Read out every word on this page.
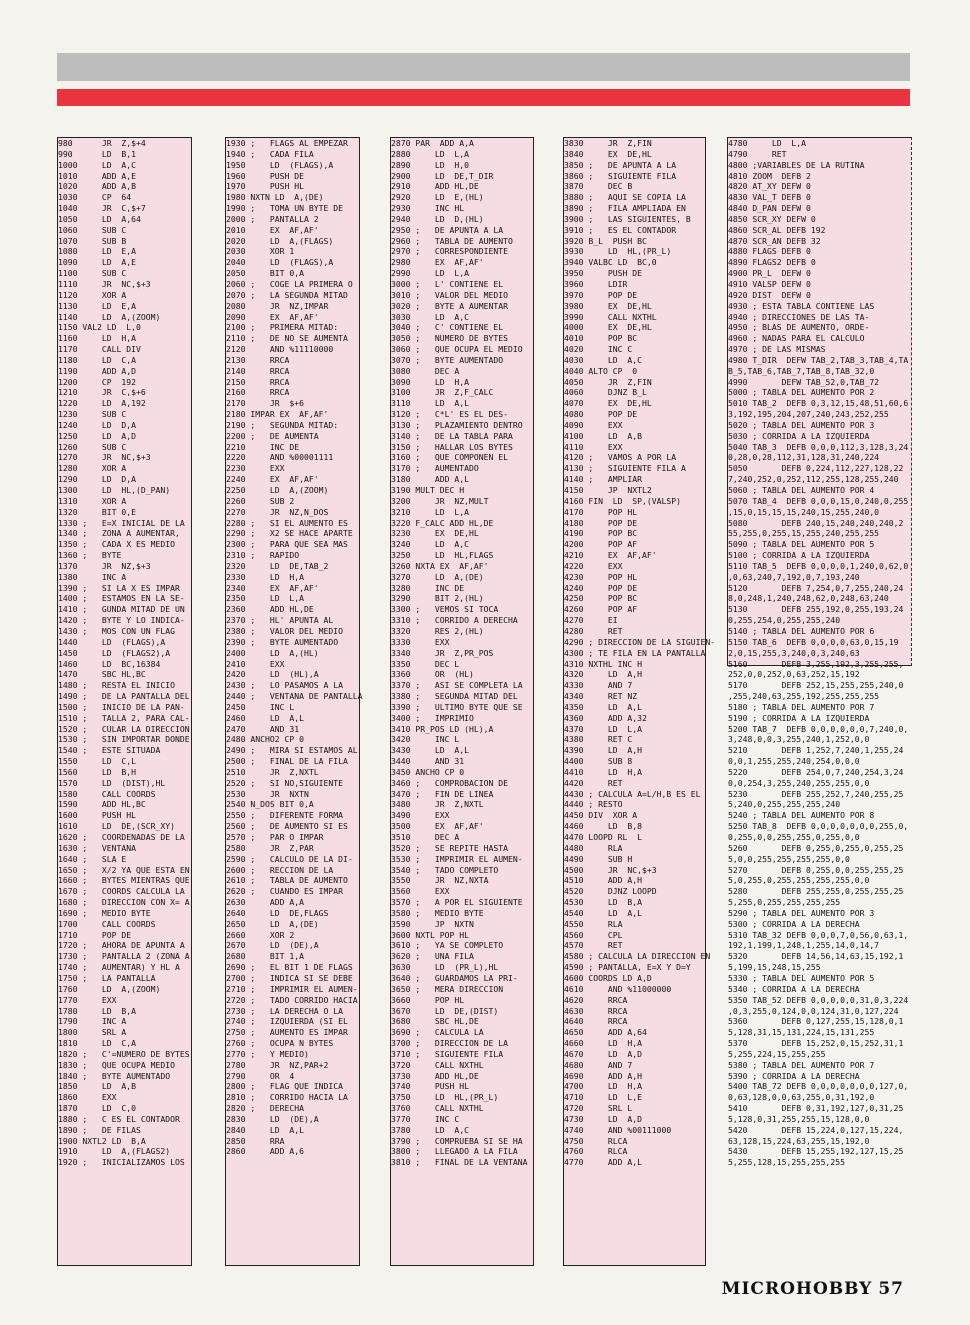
980      JR  Z,$+4
990      LD  B,1
1000     LD  A,C
1010     ADD A,E
1020     ADD A,B
1030     CP  64
1040     JR  C,$+7
1050     LD  A,64
1060     SUB C
1070     SUB B
1080     LD  E,A
1090     LD  A,E
1100     SUB C
1110     JR  NC,$+3
1120     XOR A
1130     LD  E,A
1140     LD  A,(ZOOM)
1150 VAL2 LD  L,0
1160     LD  H,A
1170     CALL DIV
1180     LD  C,A
1190     ADD A,D
1200     CP  192
1210     JR  C,$+6
1220     LD  A,192
1230     SUB C
1240     LD  D,A
1250     LD  A,D
1260     SUB C
1270     JR  NC,$+3
1280     XOR A
1290     LD  D,A
1300     LD  HL,(D_PAN)
1310     XOR A
1320     BIT 0,E
1330 ;   E=X INICIAL DE LA
1340 ;   ZONA A AUMENTAR,
1350 ;   CADA X ES MEDIO
1360 ;   BYTE
1370     JR  NZ,$+3
1380     INC A
1390 ;   SI LA X ES IMPAR
1400 ;   ESTAMOS EN LA SE-
1410 ;   GUNDA MITAD DE UN
1420 ;   BYTE Y LO INDICA-
1430 ;   MOS CON UN FLAG
1440     LD  (FLAGS),A
1450     LD  (FLAGS2),A
1460     LD  BC,16384
1470     SBC HL,BC
1480 ;   RESTA EL INICIO
1490 ;   DE LA PANTALLA DEL
1500 ;   INICIO DE LA PAN-
1510 ;   TALLA 2, PARA CAL-
1520 ;   CULAR LA DIRECCION
1530 ;   SIN IMPORTAR DONDE
1540 ;   ESTE SITUADA
1550     LD  C,L
1560     LD  B,H
1570     LD  (DIST),HL
1580     CALL COORDS
1590     ADD HL,BC
1600     PUSH HL
1610     LD  DE,(SCR_XY)
1620 ;   COORDENADAS DE LA
1630 ;   VENTANA
1640 ;   SLA E
1650 ;   X/2 YA QUE ESTA EN
1660 ;   BYTES MIENTRAS QUE
1670 ;   COORDS CALCULA LA
1680 ;   DIRECCION CON X= A
1690 ;   MEDIO BYTE
1700     CALL COORDS
1710     POP DE
1720 ;   AHORA DE APUNTA A
1730 ;   PANTALLA 2 (ZONA A
1740 ;   AUMENTAR) Y HL A
1750 ;   LA PANTALLA
1760     LD  A,(ZOOM)
1770     EXX
1780     LD  B,A
1790     INC A
1800     SRL A
1810     LD  C,A
1820 ;   C'=NUMERO DE BYTES
1830 ;   QUE OCUPA MEDIO
1840 ;   BYTE AUMENTADO
1850     LD  A,B
1860     EXX
1870     LD  C,0
1880 ;   C ES EL CONTADOR
1890 ;   DE FILAS
1900 NXTL2 LD  B,A
1910     LD  A,(FLAGS2)
1920 ;   INICIALIZAMOS LOS
1930 ;   FLAGS AL EMPEZAR
1940 ;   CADA FILA
1950     LD  (FLAGS),A
1960     PUSH DE
1970     PUSH HL
1980 NXTN LD  A,(DE)
1990 ;   TOMA UN BYTE DE
2000 ;   PANTALLA 2
2010     EX  AF,AF'
2020     LD  A,(FLAGS)
2030     XOR 1
2040     LD  (FLAGS),A
2050     BIT 0,A
2060 ;   COGE LA PRIMERA O
2070 ;   LA SEGUNDA MITAD
2080     JR  NZ,IMPAR
2090     EX  AF,AF'
2100 ;   PRIMERA MITAD:
2110 ;   DE NO SE AUMENTA
2120     AND %11110000
2130     RRCA
2140     RRCA
2150     RRCA
2160     RRCA
2170     JR  $+6
2180 IMPAR EX  AF,AF'
2190 ;   SEGUNDA MITAD:
2200 ;   DE AUMENTA
2210     INC DE
2220     AND %00001111
2230     EXX
2240     EX  AF,AF'
2250     LD  A,(ZOOM)
2260     SUB 2
2270     JR  NZ,N_DOS
2280 ;   SI EL AUMENTO ES
2290 ;   X2 SE HACE APARTE
2300 ;   PARA QUE SEA MAS
2310 ;   RAPIDO
2320     LD  DE,TAB_2
2330     LD  H,A
2340     EX  AF,AF'
2350     LD  L,A
2360     ADD HL,DE
2370 ;   HL' APUNTA AL
2380 ;   VALOR DEL MEDIO
2390 ;   BYTE AUMENTADO
2400     LD  A,(HL)
2410     EXX
2420     LD  (HL),A
2430 ;   LO PASAMOS A LA
2440 ;   VENTANA DE PANTALLA
2450     INC L
2460     LD  A,L
2470     AND 31
2480 ANCHO2 CP 0
2490 ;   MIRA SI ESTAMOS AL
2500 ;   FINAL DE LA FILA
2510     JR  Z,NXTL
2520 ;   SI NO,SIGUIENTE
2530     JR  NXTN
2540 N_DOS BIT 0,A
2550 ;   DIFERENTE FORMA
2560 ;   DE AUMENTO SI ES
2570 ;   PAR O IMPAR
2580     JR  Z,PAR
2590 ;   CALCULO DE LA DI-
2600 ;   RECCION DE LA
2610 ;   TABLA DE AUMENTO
2620 ;   CUANDO ES IMPAR
2630     ADD A,A
2640     LD  DE,FLAGS
2650     LD  A,(DE)
2660     XOR 2
2670     LD  (DE),A
2680     BIT 1,A
2690 ;   EL BIT 1 DE FLAGS
2700 ;   INDICA SI SE DEBE
2710 ;   IMPRIMIR EL AUMEN-
2720 ;   TADO CORRIDO HACIA
2730 ;   LA DERECHA O LA
2740 ;   IZQUIERDA (SI EL
2750 ;   AUMENTO ES IMPAR
2760 ;   OCUPA N BYTES
2770 ;   Y MEDIO)
2780     JR  NZ,PAR+2
2790     OR  4
2800 ;   FLAG QUE INDICA
2810 ;   CORRIDO HACIA LA
2820 ;   DERECHA
2830     LD  (DE),A
2840     LD  A,L
2850     RRA
2860     ADD A,6
2870 PAR  ADD A,A
2880     LD  L,A
2890     LD  H,0
2900     LD  DE,T_DIR
2910     ADD HL,DE
2920     LD  E,(HL)
2930     INC HL
2940     LD  D,(HL)
2950 ;   DE APUNTA A LA
2960 ;   TABLA DE AUMENTO
2970 ;   CORRESPONDIENTE
2980     EX  AF,AF'
2990     LD  L,A
3000 ;   L' CONTIENE EL
3010 ;   VALOR DEL MEDIO
3020 ;   BYTE A AUMENTAR
3030     LD  A,C
3040 ;   C' CONTIENE EL
3050 ;   NUMERO DE BYTES
3060 ;   QUE OCUPA EL MEDIO
3070 ;   BYTE AUMENTADO
3080     DEC A
3090     LD  H,A
3100     JR  Z,F_CALC
3110     LD  A,L
3120 ;   C*L' ES EL DES-
3130 ;   PLAZAMIENTO DENTRO
3140 ;   DE LA TABLA PARA
3150 ;   HALLAR LOS BYTES
3160 ;   QUE COMPONEN EL
3170 ;   AUMENTADO
3180     ADD A,L
3190 MULT DEC H
3200     JR  NZ,MULT
3210     LD  L,A
3220 F_CALC ADD HL,DE
3230     EX  DE,HL
3240     LD  A,C
3250     LD  HL,FLAGS
3260 NXTA EX  AF,AF'
3270     LD  A,(DE)
3280     INC DE
3290     BIT 2,(HL)
3300 ;   VEMOS SI TOCA
3310 ;   CORRIDO A DERECHA
3320     RES 2,(HL)
3330     EXX
3340     JR  Z,PR_POS
3350     DEC L
3360     OR  (HL)
3370 ;   ASI SE COMPLETA LA
3380 ;   SEGUNDA MITAD DEL
3390 ;   ULTIMO BYTE QUE SE
3400 ;   IMPRIMIO
3410 PR_POS LD (HL),A
3420     INC L
3430     LD  A,L
3440     AND 31
3450 ANCHO CP 0
3460 ;   COMPROBACION DE
3470 ;   FIN DE LINEA
3480     JR  Z,NXTL
3490     EXX
3500     EX  AF,AF'
3510     DEC A
3520 ;   SE REPITE HASTA
3530 ;   IMPRIMIR EL AUMEN-
3540 ;   TADO COMPLETO
3550     JR  NZ,NXTA
3560     EXX
3570 ;   A POR EL SIGUIENTE
3580 ;   MEDIO BYTE
3590     JP  NXTN
3600 NXTL POP HL
3610 ;   YA SE COMPLETO
3620 ;   UNA FILA
3630     LD  (PR_L),HL
3640 ;   GUARDAMOS LA PRI-
3650 ;   MERA DIRECCION
3660     POP HL
3670     LD  DE,(DIST)
3680     SBC HL,DE
3690 ;   CALCULA LA
3700 ;   DIRECCION DE LA
3710 ;   SIGUIENTE FILA
3720     CALL NXTHL
3730     ADD HL,DE
3740     PUSH HL
3750     LD  HL,(PR_L)
3760     CALL NXTHL
3770     INC C
3780     LD  A,C
3790 ;   COMPRUEBA SI SE HA
3800 ;   LLEGADO A LA FILA
3810 ;   FINAL DE LA VENTANA
3830     JR  Z,FIN
3840     EX  DE,HL
3850 ;   DE APUNTA A LA
3860 ;   SIGUIENTE FILA
3870     DEC B
3880 ;   AQUI SE COPIA LA
3890 ;   FILA AMPLIADA EN
3900 ;   LAS SIGUIENTES, B
3910 ;   ES EL CONTADOR
3920 B_L  PUSH BC
3930     LD  HL,(PR_L)
3940 VALBC LD  BC,0
3950     PUSH DE
3960     LDIR
3970     POP DE
3980     EX  DE,HL
3990     CALL NXTHL
4000     EX  DE,HL
4010     POP BC
4020     INC C
4030     LD  A,C
4040 ALTO CP  0
4050     JR  Z,FIN
4060     DJNZ B_L
4070     EX  DE,HL
4080     POP DE
4090     EXX
4100     LD  A,B
4110     EXX
4120 ;   VAMOS A POR LA
4130 ;   SIGUIENTE FILA A
4140 ;   AMPLIAR
4150     JP  NXTL2
4160 FIN  LD  SP,(VALSP)
4170     POP HL
4180     POP DE
4190     POP BC
4200     POP AF
4210     EX  AF,AF'
4220     EXX
4230     POP HL
4240     POP DE
4250     POP BC
4260     POP AF
4270     EI
4280     RET
4290 ; DIRECCION DE LA SIGUIEN-
4300 ; TE FILA EN LA PANTALLA
4310 NXTHL INC H
4320     LD  A,H
4330     AND 7
4340     RET NZ
4350     LD  A,L
4360     ADD A,32
4370     LD  L,A
4380     RET C
4390     LD  A,H
4400     SUB 8
4410     LD  H,A
4420     RET
4430 ; CALCULA A=L/H,B ES EL
4440 ; RESTO
4450 DIV  XOR A
4460     LD  B,8
4470 LOOPD RL  L
4480     RLA
4490     SUB H
4500     JR  NC,$+3
4510     ADD A,H
4520     DJNZ LOOPD
4530     LD  B,A
4540     LD  A,L
4550     RLA
4560     CPL
4570     RET
4580 ; CALCULA LA DIRECCION EN
4590 ; PANTALLA, E=X Y D=Y
4600 COORDS LD A,D
4610     AND %11000000
4620     RRCA
4630     RRCA
4640     RRCA
4650     ADD A,64
4660     LD  H,A
4670     LD  A,D
4680     AND 7
4690     ADD A,H
4700     LD  H,A
4710     LD  L,E
4720     SRL L
4730     LD  A,D
4740     AND %00111000
4750     RLCA
4760     RLCA
4770     ADD A,L
4780     LD  L,A
4790     RET
4800 ;VARIABLES DE LA RUTINA
4810 ZOOM  DEFB 2
4820 AT_XY DEFW 0
4830 VAL_T DEFB 0
4840 D_PAN DEFW 0
4850 SCR_XY DEFW 0
4860 SCR_AL DEFB 192
4870 SCR_AN DEFB 32
4880 FLAGS DEFB 0
4890 FLAGS2 DEFB 0
4900 PR_L  DEFW 0
4910 VALSP DEFW 0
4920 DIST  DEFW 0
4930 ; ESTA TABLA CONTIENE LAS
4940 ; DIRECCIONES DE LAS TA-
4950 ; BLAS DE AUMENTO, ORDE-
4960 ; NADAS PARA EL CALCULO
4970 ; DE LAS MISMAS
4980 T_DIR  DEFW TAB_2,TAB_3,TAB_4,TA
B_5,TAB_6,TAB_7,TAB_8,TAB_32,0
4990       DEFW TAB_52,0,TAB_72
5000 ; TABLA DEL AUMENTO POR 2
5010 TAB_2  DEFB 0,3,12,15,48,51,60,6
3,192,195,204,207,240,243,252,255
5020 ; TABLA DEL AUMENTO POR 3
5030 ; CORRIDA A LA IZQUIERDA
5040 TAB_3  DEFB 0,0,0,112,3,128,3,24
0,28,0,28,112,31,128,31,240,224
5050       DEFB 0,224,112,227,128,22
7,240,252,0,252,112,255,128,255,240
5060 ; TABLA DEL AUMENTO POR 4
5070 TAB_4  DEFB 0,0,0,15,0,240,0,255
,15,0,15,15,15,240,15,255,240,0
5080       DEFB 240,15,240,240,240,2
55,255,0,255,15,255,240,255,255
5090 ; TABLA DEL AUMENTO POR 5
5100 ; CORRIDA A LA IZQUIERDA
5110 TAB_5  DEFB 0,0,0,0,1,240,0,62,0
,0,63,240,7,192,0,7,193,240
5120       DEFB 7,254,0,7,255,240,24
8,0,248,1,240,248,62,0,248,63,240
5130       DEFB 255,192,0,255,193,24
0,255,254,0,255,255,240
5140 ; TABLA DEL AUMENTO POR 6
5150 TAB_6  DEFB 0,0,0,0,63,0,15,19
2,0,15,255,3,240,0,3,240,63
5160       DEFB 3,255,192,3,255,255,
252,0,0,252,0,63,252,15,192
5170       DEFB 252,15,255,255,240,0
,255,240,63,255,192,255,255,255
5180 ; TABLA DEL AUMENTO POR 7
5190 ; CORRIDA A LA IZQUIERDA
5200 TAB_7  DEFB 0,0,0,0,0,0,7,240,0,
3,248,0,0,3,255,240,1,252,0,0
5210       DEFB 1,252,7,240,1,255,24
0,0,1,255,255,240,254,0,0,0
5220       DEFB 254,0,7,240,254,3,24
0,0,254,3,255,240,255,255,0,0
5230       DEFB 255,252,7,240,255,25
5,240,0,255,255,255,240
5240 ; TABLA DEL AUMENTO POR 8
5250 TAB_8  DEFB 0,0,0,0,0,0,0,255,0,
0,255,0,0,255,255,0,255,0,0
5260       DEFB 0,255,0,255,0,255,25
5,0,0,255,255,255,255,0,0
5270       DEFB 0,255,0,0,255,255,25
5,0,255,0,255,255,255,255,0,0
5280       DEFB 255,255,0,255,255,25
5,255,0,255,255,255,255
5290 ; TABLA DEL AUMENTO POR 3
5300 ; CORRIDA A LA DERECHA
5310 TAB_32 DEFB 0,0,0,7,0,56,0,63,1,
192,1,199,1,248,1,255,14,0,14,7
5320       DEFB 14,56,14,63,15,192,1
5,199,15,248,15,255
5330 ; TABLA DEL AUMENTO POR 5
5340 ; CORRIDA A LA DERECHA
5350 TAB_52 DEFB 0,0,0,0,0,31,0,3,224
,0,3,255,0,124,0,0,124,31,0,127,224
5360       DEFB 0,127,255,15,128,0,1
5,128,31,15,131,224,15,131,255
5370       DEFB 15,252,0,15,252,31,1
5,255,224,15,255,255
5380 ; TABLA DEL AUMENTO POR 7
5390 ; CORRIDA A LA DERECHA
5400 TAB_72 DEFB 0,0,0,0,0,0,0,127,0,
0,63,128,0,0,63,255,0,31,192,0
5410       DEFB 0,31,192,127,0,31,25
5,128,0,31,255,255,15,128,0,0
5420       DEFB 15,224,0,127,15,224,
63,128,15,224,63,255,15,192,0
5430       DEFB 15,255,192,127,15,25
5,255,128,15,255,255,255
MICROHOBBY 57
